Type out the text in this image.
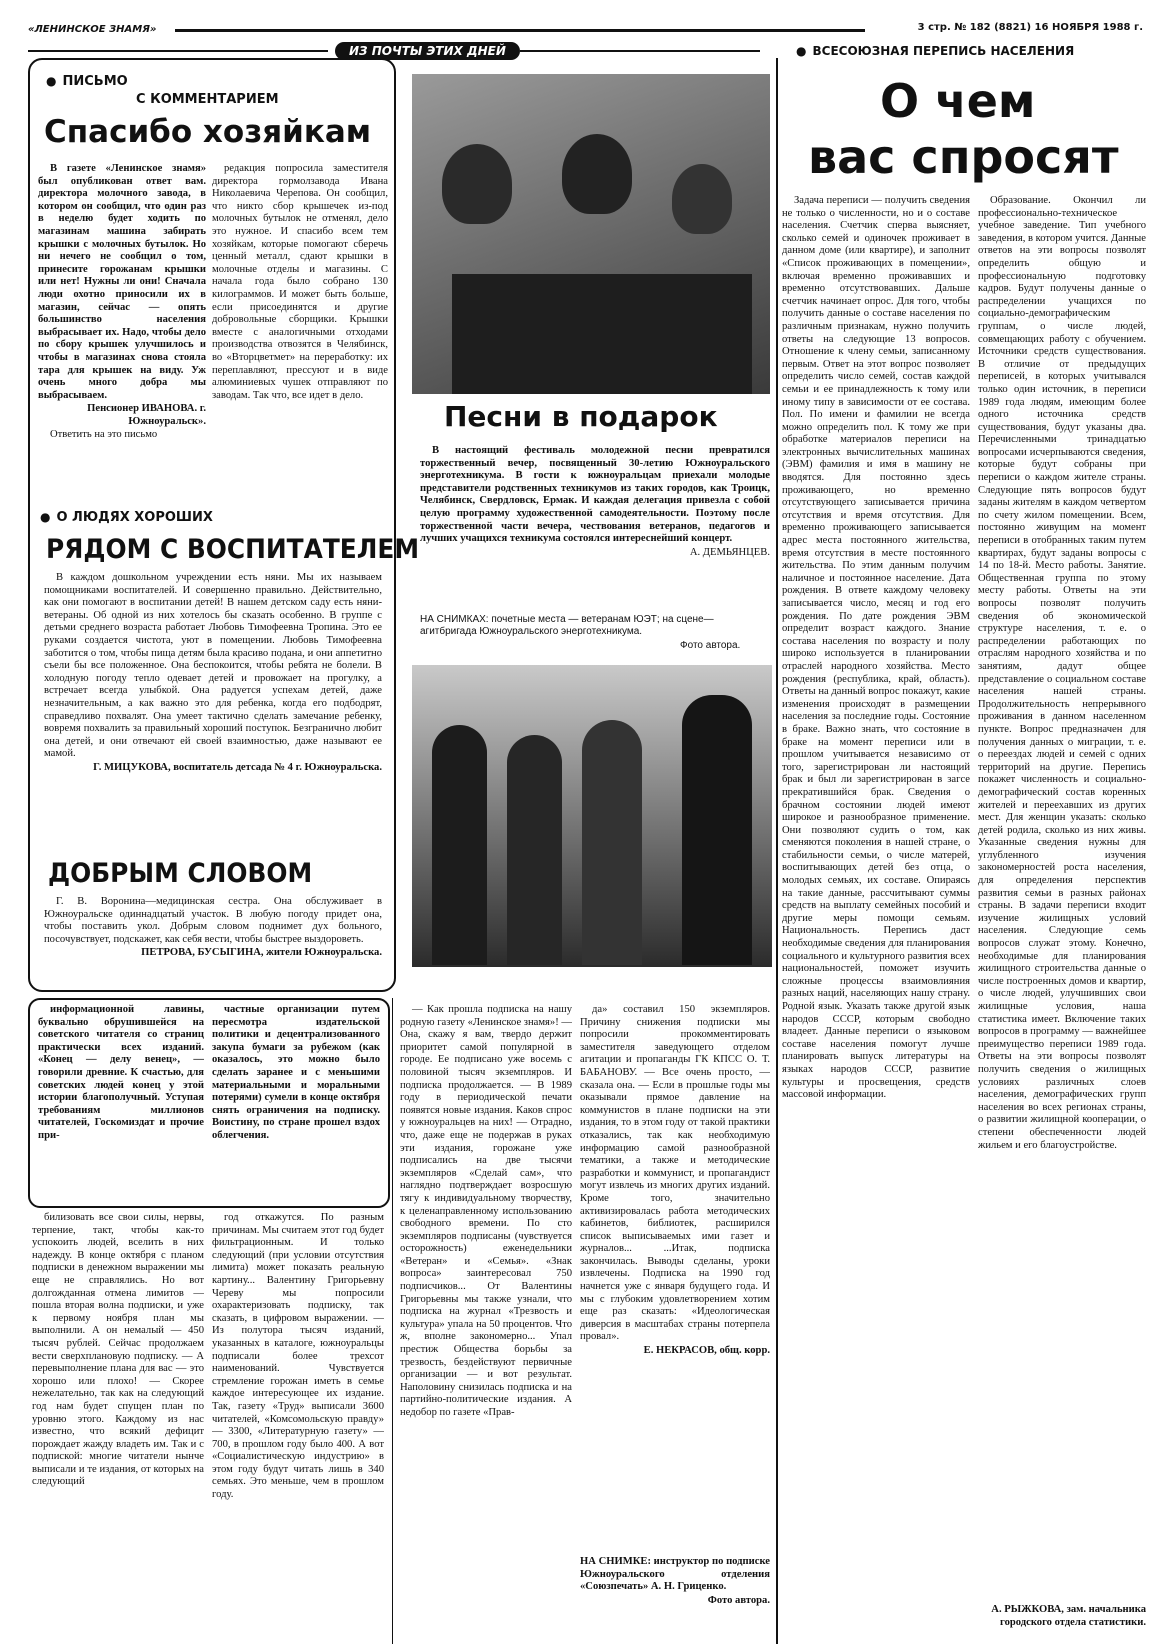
«ЛЕНИНСКОЕ ЗНАМЯ»	3 стр. № 182 (8821) 16 НОЯБРЯ 1988 г.
ИЗ ПОЧТЫ ЭТИХ ДНЕЙ
● ПИСЬМО
С КОММЕНТАРИЕМ
Спасибо хозяйкам

В газете «Ленинское знамя» был опубликован ответ вам. директора молочного завода, в котором он сообщил, что один раз в неделю будет ходить по магазинам машина забирать крышки с молочных бутылок. Но ни нечего не сообщил о том, принесите горожанам крышки или нет! Нужны ли они! Сначала люди охотно приносили их в магазин, сейчас — опять большинство населения выбрасывает их. Надо, чтобы дело по сбору крышек улучшилось и чтобы в магазинах снова стояла тара для крышек на виду. Уж очень много добра мы выбрасываем.

Пенсионер ИВАНОВА. г. Южноуральск».

Ответить на это письмо

редакция попросила заместителя директора гормолзавода Ивана Николаевича Черепова. Он сообщил, что никто сбор крышечек из-под молочных бутылок не отменял, дело это нужное. И спасибо всем тем хозяйкам, которые помогают сберечь ценный металл, сдают крышки в молочные отделы и магазины. С начала года было собрано 130 килограммов. И может быть больше, если присоединятся и другие добровольные сборщики. Крышки вместе с аналогичными отходами производства отвозятся в Челябинск, во «Вторцветмет» на переработку: их переплавляют, прессуют и в виде алюминиевых чушек отправляют по заводам. Так что, все идет в дело.

● О ЛЮДЯХ ХОРОШИХ
РЯДОМ С ВОСПИТАТЕЛЕМ

В каждом дошкольном учреждении есть няни. Мы их называем помощниками воспитателей. И совершенно правильно. Действительно, как они помогают в воспитании детей! В нашем детском саду есть няни-ветераны. Об одной из них хотелось бы сказать особенно. В группе с детьми среднего возраста работает Любовь Тимофеевна Тропина. Это ее руками создается чистота, уют в помещении. Любовь Тимофеевна заботится о том, чтобы пища детям была красиво подана, и они аппетитно съели бы все положенное. Она беспокоится, чтобы ребята не болели. В холодную погоду тепло одевает детей и провожает на прогулку, а встречает всегда улыбкой. Она радуется успехам детей, даже незначительным, а как важно это для ребенка, когда его подбодрят, справедливо похвалят. Она умеет тактично сделать замечание ребенку, вовремя похвалить за правильный хороший поступок. Безгранично любит она детей, и они отвечают ей своей взаимностью, даже называют ее мамой.

Г. МИЦУКОВА, воспитатель детсада № 4 г. Южноуральска.

ДОБРЫМ СЛОВОМ

Г. В. Воронина—медицинская сестра. Она обслуживает в Южноуральске одиннадцатый участок. В любую погоду придет она, чтобы поставить укол. Добрым словом поднимет дух больного, посочувствует, подскажет, как себя вести, чтобы быстрее выздороветь.

ПЕТРОВА, БУСЫГИНА, жители Южноуральска.

Песни в подарок

В настоящий фестиваль молодежной песни превратился торжественный вечер, посвященный 30-летию Южноуральского энерготехникума. В гости к южноуральцам приехали молодые представители родственных техникумов из таких городов, как Троицк, Челябинск, Свердловск, Ермак. И каждая делегация привезла с собой целую программу художественной самодеятельности. Поэтому после торжественной части вечера, чествования ветеранов, педагогов и лучших учащихся техникума состоялся интереснейший концерт.

А. ДЕМЬЯНЦЕВ.

НА СНИМКАХ: почетные места — ветеранам ЮЭТ; на сцене—агитбригада Южноуральского энерготехникума.
Фото автора.

информационной лавины, буквально обрушившейся на советского читателя со страниц практически всех изданий. «Конец — делу венец», — говорили древние. К счастью, для советских людей конец у этой истории благополучный. Уступая требованиям миллионов читателей, Госкомиздат и прочие при-

частные организации путем пересмотра издательской политики и децентрализованного закупа бумаги за рубежом (как оказалось, это можно было сделать заранее и с меньшими материальными и моральными потерями) сумели в конце октября снять ограничения на подписку. Воистину, по стране прошел вздох облегчения.

билизовать все свои силы, нервы, терпение, такт, чтобы как-то успокоить людей, вселить в них надежду. В конце октября с планом подписки в денежном выражении мы еще не справлялись. Но вот долгожданная отмена лимитов — пошла вторая волна подписки, и уже к первому ноября план мы выполнили. А он немалый — 450 тысяч рублей. Сейчас продолжаем вести сверхплановую подписку. — А перевыполнение плана для вас — это хорошо или плохо! — Скорее нежелательно, так как на следующий год нам будет спущен план по уровню этого. Каждому из нас известно, что всякий дефицит порождает жажду владеть им. Так и с подпиской: многие читатели нынче выписали и те издания, от которых на следующий

год откажутся. По разным причинам. Мы считаем этот год будет фильтрационным. И только следующий (при условии отсутствия лимита) может показать реальную картину... Валентину Григорьевну Череву мы попросили охарактеризовать подписку, так сказать, в цифровом выражении. — Из полутора тысяч изданий, указанных в каталоге, южноуральцы подписали более трехсот наименований. Чувствуется стремление горожан иметь в семье каждое интересующее их издание. Так, газету «Труд» выписали 3600 читателей, «Комсомольскую правду» — 3300, «Литературную газету» — 700, в прошлом году было 400. А вот «Социалистическую индустрию» в этом году будут читать лишь в 340 семьях. Это меньше, чем в прошлом году.

— Как прошла подписка на нашу родную газету «Ленинское знамя»! — Она, скажу я вам, твердо держит приоритет самой популярной в городе. Ее подписано уже восемь с половиной тысяч экземпляров. И подписка продолжается. — В 1989 году в периодической печати появятся новые издания. Каков спрос у южноуральцев на них! — Отрадно, что, даже еще не подержав в руках эти издания, горожане уже подписались на две тысячи экземпляров «Сделай сам», что наглядно подтверждает возросшую тягу к индивидуальному творчеству, к целенаправленному использованию свободного времени. По сто экземпляров подписаны (чувствуется осторожность) еженедельники «Ветеран» и «Семья». «Знак вопроса» заинтересовал 750 подписчиков... От Валентины Григорьевны мы также узнали, что подписка на журнал «Трезвость и культура» упала на 50 процентов. Что ж, вполне закономерно... Упал престиж Общества борьбы за трезвость, бездействуют первичные организации — и вот результат. Наполовину снизилась подписка и на партийно-политические издания. А недобор по газете «Прав-

да» составил 150 экземпляров. Причину снижения подписки мы попросили прокомментировать заместителя заведующего отделом агитации и пропаганды ГК КПСС О. Т. БАБАНОВУ. — Все очень просто, — сказала она. — Если в прошлые годы мы оказывали прямое давление на коммунистов в плане подписки на эти издания, то в этом году от такой практики отказались, так как необходимую информацию самой разнообразной тематики, а также и методические разработки и коммунист, и пропагандист могут извлечь из многих других изданий. Кроме того, значительно активизировалась работа методических кабинетов, библиотек, расширился список выписываемых ими газет и журналов... ...Итак, подписка закончилась. Выводы сделаны, уроки извлечены. Подписка на 1990 год начнется уже с января будущего года. И мы с глубоким удовлетворением хотим еще раз сказать: «Идеологическая диверсия в масштабах страны потерпела провал».

Е. НЕКРАСОВ, общ. корр.

НА СНИМКЕ: инструктор по подписке Южноуральского отделения «Союзпечать» А. Н. Гриценко.

Фото автора.

● ВСЕСОЮЗНАЯ ПЕРЕПИСЬ НАСЕЛЕНИЯ
О чем
вас спросят

Задача переписи — получить сведения не только о численности, но и о составе населения. Счетчик сперва выясняет, сколько семей и одиночек проживает в данном доме (или квартире), и заполнит «Список проживающих в помещении», включая временно проживавших и временно отсутствовавших. Дальше счетчик начинает опрос. Для того, чтобы получить данные о составе населения по различным признакам, нужно получить ответы на следующие 13 вопросов. Отношение к члену семьи, записанному первым. Ответ на этот вопрос позволяет определить число семей, состав каждой семьи и ее принадлежность к тому или иному типу в зависимости от ее состава. Пол. По имени и фамилии не всегда можно определить пол. К тому же при обработке материалов переписи на электронных вычислительных машинах (ЭВМ) фамилия и имя в машину не вводятся. Для постоянно здесь проживающего, но временно отсутствующего записывается причина отсутствия и время отсутствия. Для временно проживающего записывается адрес места постоянного жительства, время отсутствия в месте постоянного жительства. По этим данным получим наличное и постоянное население. Дата рождения. В ответе каждому человеку записывается число, месяц и год его рождения. По дате рождения ЭВМ определит возраст каждого. Знание состава населения по возрасту и полу широко используется в планировании отраслей народного хозяйства. Место рождения (республика, край, область). Ответы на данный вопрос покажут, какие изменения происходят в размещении населения за последние годы. Состояние в браке. Важно знать, что состояние в браке на момент переписи или в прошлом учитывается независимо от того, зарегистрирован ли настоящий брак и был ли зарегистрирован в загсе прекратившийся брак. Сведения о брачном состоянии людей имеют широкое и разнообразное применение. Они позволяют судить о том, как сменяются поколения в нашей стране, о стабильности семьи, о числе матерей, воспитывающих детей без отца, о молодых семьях, их составе. Опираясь на такие данные, рассчитывают суммы средств на выплату семейных пособий и другие меры помощи семьям. Национальность. Перепись даст необходимые сведения для планирования социального и культурного развития всех национальностей, поможет изучить сложные процессы взаимовлияния разных наций, населяющих нашу страну. Родной язык. Указать также другой язык народов СССР, которым свободно владеет. Данные переписи о языковом составе населения помогут лучше планировать выпуск литературы на языках народов СССР, развитие культуры и просвещения, средств массовой информации.

Образование. Окончил ли профессионально-техническое учебное заведение. Тип учебного заведения, в котором учится. Данные ответов на эти вопросы позволят определить общую и профессиональную подготовку кадров. Будут получены данные о распределении учащихся по социально-демографическим группам, о числе людей, совмещающих работу с обучением. Источники средств существования. В отличие от предыдущих переписей, в которых учитывался только один источник, в переписи 1989 года людям, имеющим более одного источника средств существования, будут указаны два. Перечисленными тринадцатью вопросами исчерпываются сведения, которые будут собраны при переписи о каждом жителе страны. Следующие пять вопросов будут заданы жителям в каждом четвертом по счету жилом помещении. Всем, постоянно живущим на момент переписи в отобранных таким путем квартирах, будут заданы вопросы с 14 по 18-й. Место работы. Занятие. Общественная группа по этому месту работы. Ответы на эти вопросы позволят получить сведения об экономической структуре населения, т. е. о распределении работающих по отраслям народного хозяйства и по занятиям, дадут общее представление о социальном составе населения нашей страны. Продолжительность непрерывного проживания в данном населенном пункте. Вопрос предназначен для получения данных о миграции, т. е. о переездах людей и семей с одних территорий на другие. Перепись покажет численность и социально-демографический состав коренных жителей и переехавших из других мест. Для женщин указать: сколько детей родила, сколько из них живы. Указанные сведения нужны для углубленного изучения закономерностей роста населения, для определения перспектив развития семьи в разных районах страны. В задачи переписи входит изучение жилищных условий населения. Следующие семь вопросов служат этому. Конечно, необходимые для планирования жилищного строительства данные о числе построенных домов и квартир, о числе людей, улучшивших свои жилищные условия, наша статистика имеет. Включение таких вопросов в программу — важнейшее преимущество переписи 1989 года. Ответы на эти вопросы позволят получить сведения о жилищных условиях различных слоев населения, демографических групп населения во всех регионах страны, о развитии жилищной кооперации, о степени обеспеченности людей жильем и его благоустройстве.

А. РЫЖКОВА, зам. начальника городского отдела статистики.
